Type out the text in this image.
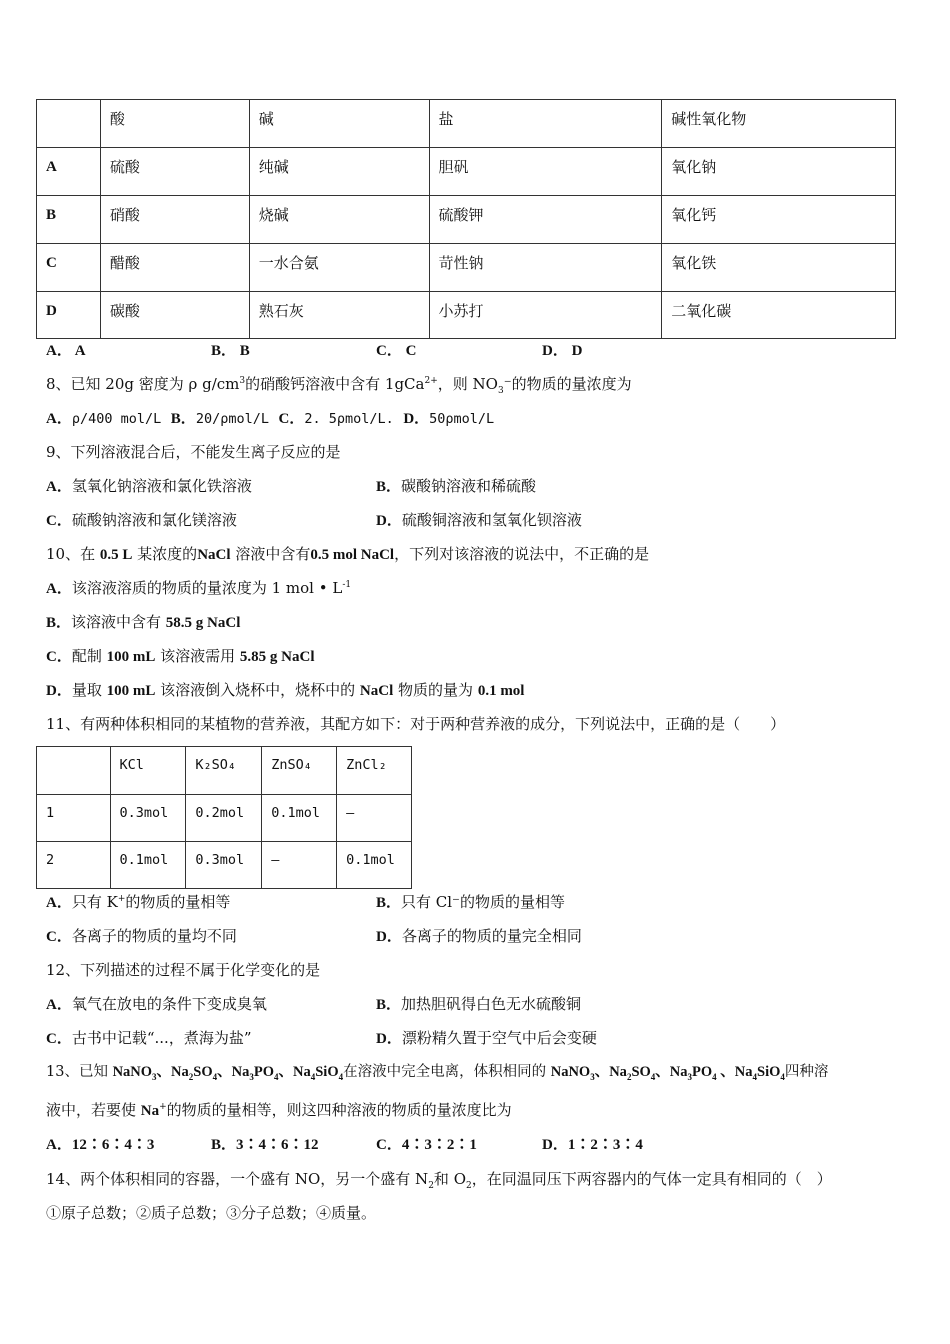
	酸	碱	盐	碱性氧化物

A	硫酸	纯碱	胆矾	氧化钠

B	硝酸	烧碱	硫酸钾	氧化钙

C	醋酸	一水合氨	苛性钠	氧化铁

D	碳酸	熟石灰	小苏打	二氧化碳
A． A	B． B	C． C	D． D
8、已知 20g 密度为 ρ $g/cm^3$的硝酸钙溶液中含有 1gCa$^{2+}$，则 $NO_3^-$的物质的量浓度为
A．ρ/400 mol/L B．20/ρmol/L C．2. 5ρmol/L. D．50ρmol/L
9、下列溶液混合后，不能发生离子反应的是
A．氢氧化钠溶液和氯化铁溶液	B．碳酸钠溶液和稀硫酸
C．硫酸钠溶液和氯化镁溶液	D．硫酸铜溶液和氢氧化钡溶液
10、在 0.5 L 某浓度的NaCl 溶液中含有0.5 mol NaCl，下列对该溶液的说法中，不正确的是
A．该溶液溶质的物质的量浓度为 1 mol • $L^{-1}$
B．该溶液中含有 58.5 g NaCl
C．配制 100 mL 该溶液需用 5.85 g NaCl
D．量取 100 mL 该溶液倒入烧杯中，烧杯中的 NaCl 物质的量为 0.1 mol
11、有两种体积相同的某植物的营养液，其配方如下：对于两种营养液的成分，下列说法中，正确的是（　　）

	KCl	K₂SO₄	ZnSO₄	ZnCl₂

1	0.3mol	0.2mol	0.1mol	—

2	0.1mol	0.3mol	—	0.1mol
A．只有 K+的物质的量相等	B．只有 Cl⁻的物质的量相等
C．各离子的物质的量均不同	D．各离子的物质的量完全相同
12、下列描述的过程不属于化学变化的是
A．氧气在放电的条件下变成臭氧	B．加热胆矾得白色无水硫酸铜
C．古书中记载“...，煮海为盐”	D．漂粉精久置于空气中后会变硬
13、已知 NaNO$_3$、$Na_2SO_4$、$Na_3PO_4$、$Na_4SiO_4$在溶液中完全电离，体积相同的 NaNO$_3$、$Na_2SO_4$、$Na_3PO_4$ 、$Na_4SiO_4$四种溶
液中，若要使 Na+的物质的量相等，则这四种溶液的物质的量浓度比为
A．12∶6∶4∶3	B．3∶4∶6∶12	C．4∶3∶2∶1	D．1∶2∶3∶4
14、两个体积相同的容器，一个盛有 NO，另一个盛有 $N_2$和 $O_2$，在同温同压下两容器内的气体一定具有相同的（　）
①原子总数；②质子总数；③分子总数；④质量。
